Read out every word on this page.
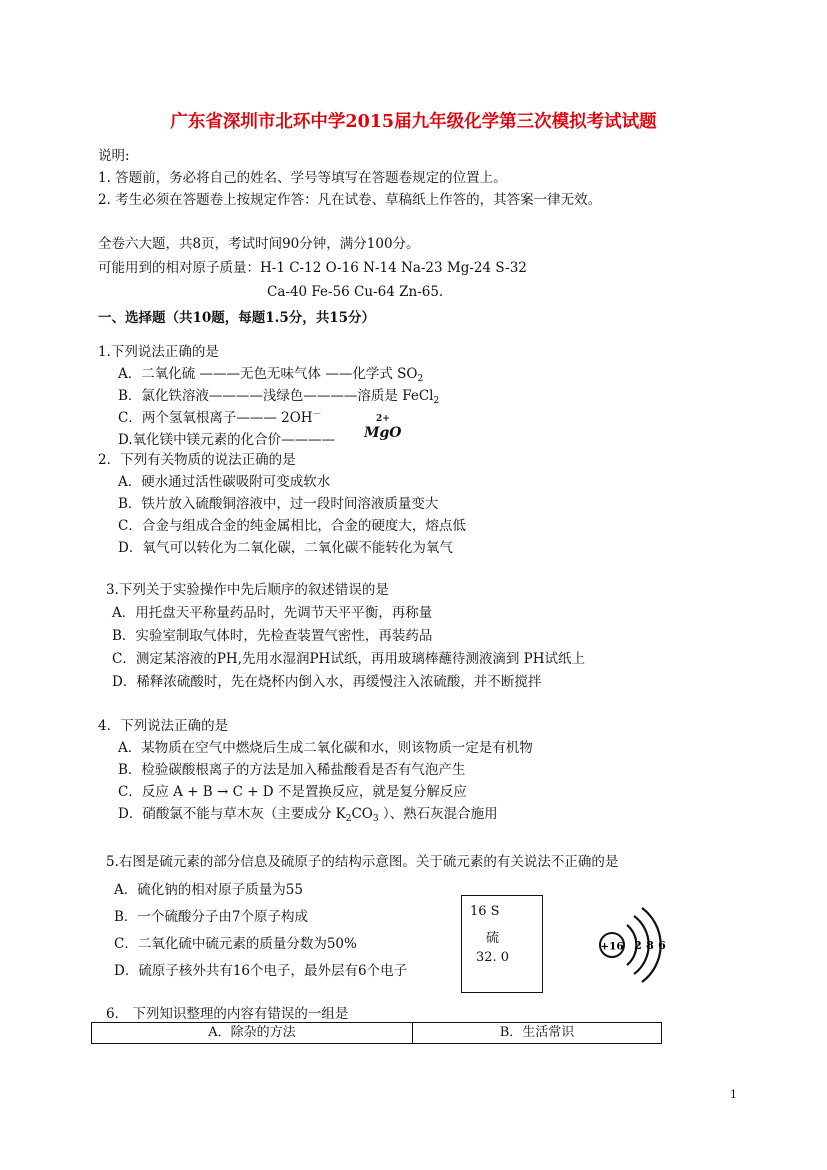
广东省深圳市北环中学2015届九年级化学第三次模拟考试试题
说明:
1. 答题前，务必将自己的姓名、学号等填写在答题卷规定的位置上。
2. 考生必须在答题卷上按规定作答：凡在试卷、草稿纸上作答的，其答案一律无效。
全卷六大题，共8页，考试时间90分钟，满分100分。
可能用到的相对原子质量：H-1 C-12 O-16 N-14 Na-23 Mg-24 S-32
Ca-40 Fe-56 Cu-64 Zn-65.
一、选择题（共10题，每题1.5分，共15分）
1.下列说法正确的是
A．二氧化硫 ———无色无味气体 ——化学式 $SO_2$
B．氯化铁溶液————浅绿色————溶质是 FeCl$_2$
C．两个氢氧根离子——— 2OH－
D.氧化镁中镁元素的化合价————
2+
MgO
2．下列有关物质的说法正确的是
A．硬水通过活性碳吸附可变成软水
B．铁片放入硫酸铜溶液中，过一段时间溶液质量变大
C．合金与组成合金的纯金属相比，合金的硬度大，熔点低
D．氧气可以转化为二氧化碳，二氧化碳不能转化为氧气
3.下列关于实验操作中先后顺序的叙述错误的是
A．用托盘天平称量药品时，先调节天平平衡，再称量
B．实验室制取气体时，先检查装置气密性，再装药品
C．测定某溶液的PH,先用水湿润PH试纸，再用玻璃棒蘸待测液滴到 PH试纸上
D．稀释浓硫酸时，先在烧杯内倒入水，再缓慢注入浓硫酸，并不断搅拌
4．下列说法正确的是
A．某物质在空气中燃烧后生成二氧化碳和水，则该物质一定是有机物
B．检验碳酸根离子的方法是加入稀盐酸看是否有气泡产生
C．反应 A + B → C + D 不是置换反应，就是复分解反应
D．硝酸氯不能与草木灰（主要成分 $K_2CO_3$ ）、熟石灰混合施用
5.右图是硫元素的部分信息及硫原子的结构示意图。关于硫元素的有关说法不正确的是
A．硫化钠的相对原子质量为55
B．一个硫酸分子由7个原子构成
C．二氧化硫中硫元素的质量分数为50%
D．硫原子核外共有16个电子，最外层有6个电子
16 S
硫
32. 0
+16 2 8 6
6． 下列知识整理的内容有错误的一组是
A．除杂的方法	B．生活常识
1
